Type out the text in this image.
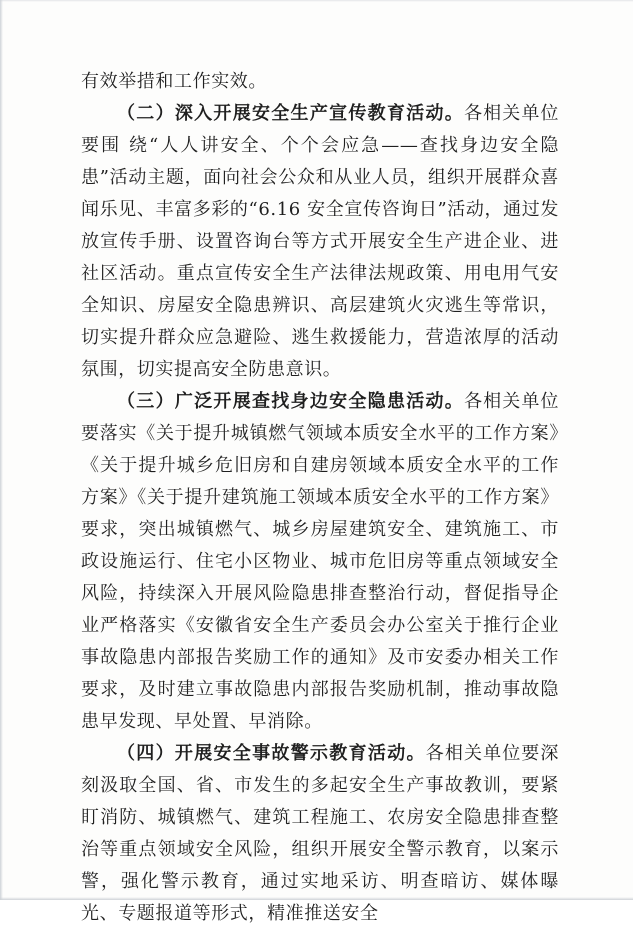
有效举措和工作实效。

（二）深入开展安全生产宣传教育活动。各相关单位要围 绕“人人讲安全、个个会应急——查找身边安全隐患”活动主题，面向社会公众和从业人员，组织开展群众喜闻乐见、丰富多彩的“6.16 安全宣传咨询日”活动，通过发放宣传手册、设置咨询台等方式开展安全生产进企业、进社区活动。重点宣传安全生产法律法规政策、用电用气安全知识、房屋安全隐患辨识、高层建筑火灾逃生等常识，切实提升群众应急避险、逃生救援能力，营造浓厚的活动氛围，切实提高安全防患意识。

（三）广泛开展查找身边安全隐患活动。各相关单位要落实《关于提升城镇燃气领域本质安全水平的工作方案》《关于提升城乡危旧房和自建房领域本质安全水平的工作方案》《关于提升建筑施工领域本质安全水平的工作方案》要求，突出城镇燃气、城乡房屋建筑安全、建筑施工、市政设施运行、住宅小区物业、城市危旧房等重点领域安全风险，持续深入开展风险隐患排查整治行动，督促指导企业严格落实《安徽省安全生产委员会办公室关于推行企业事故隐患内部报告奖励工作的通知》及市安委办相关工作要求，及时建立事故隐患内部报告奖励机制，推动事故隐患早发现、早处置、早消除。

（四）开展安全事故警示教育活动。各相关单位要深刻汲取全国、省、市发生的多起安全生产事故教训，要紧盯消防、城镇燃气、建筑工程施工、农房安全隐患排查整治等重点领域安全风险，组织开展安全警示教育，以案示警，强化警示教育，通过实地采访、明查暗访、媒体曝光、专题报道等形式，精准推送安全
